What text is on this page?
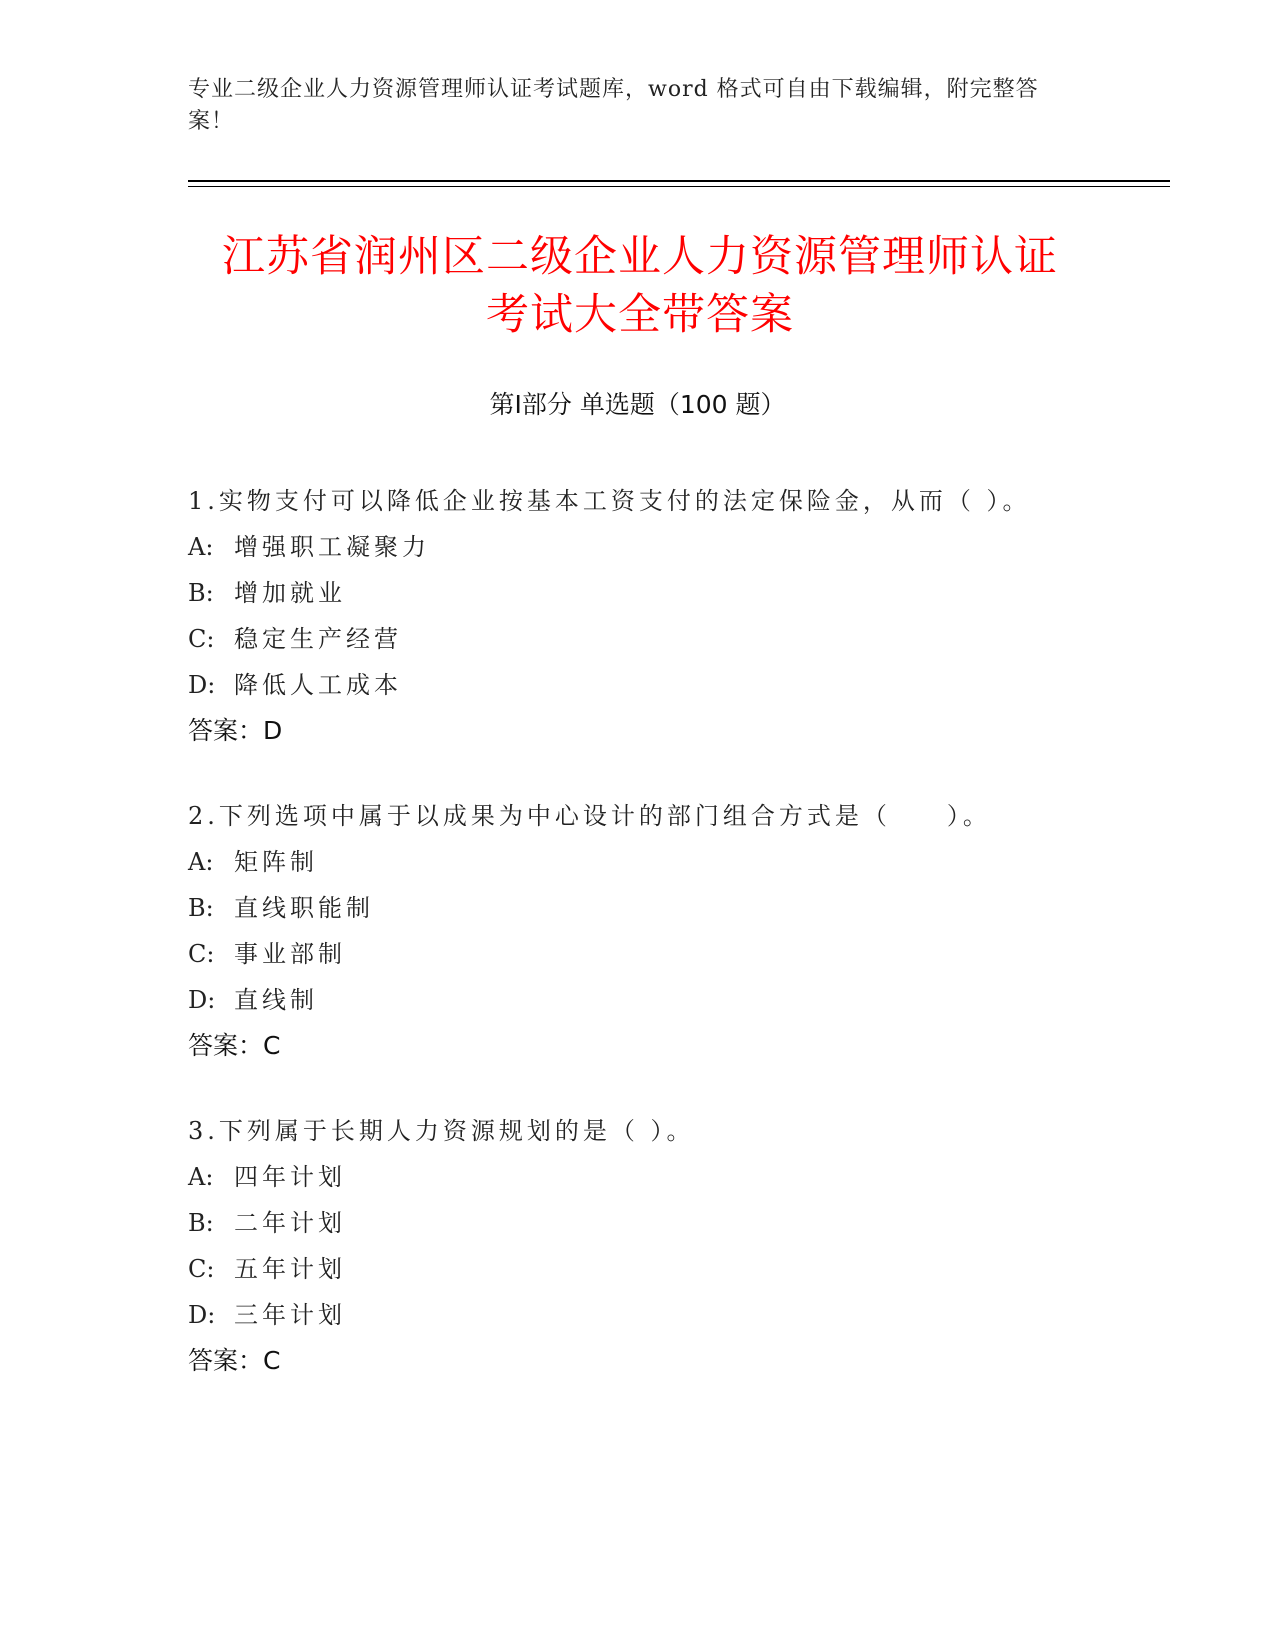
专业二级企业人力资源管理师认证考试题库，word 格式可自由下载编辑，附完整答案！
江苏省润州区二级企业人力资源管理师认证
考试大全带答案
第Ⅰ部分 单选题（100 题）
1.实物支付可以降低企业按基本工资支付的法定保险金，从而（ ）。
A: 增强职工凝聚力
B: 增加就业
C: 稳定生产经营
D: 降低人工成本
答案：D
2.下列选项中属于以成果为中心设计的部门组合方式是（　　）。
A: 矩阵制
B: 直线职能制
C: 事业部制
D: 直线制
答案：C
3.下列属于长期人力资源规划的是（ ）。
A: 四年计划
B: 二年计划
C: 五年计划
D: 三年计划
答案：C
